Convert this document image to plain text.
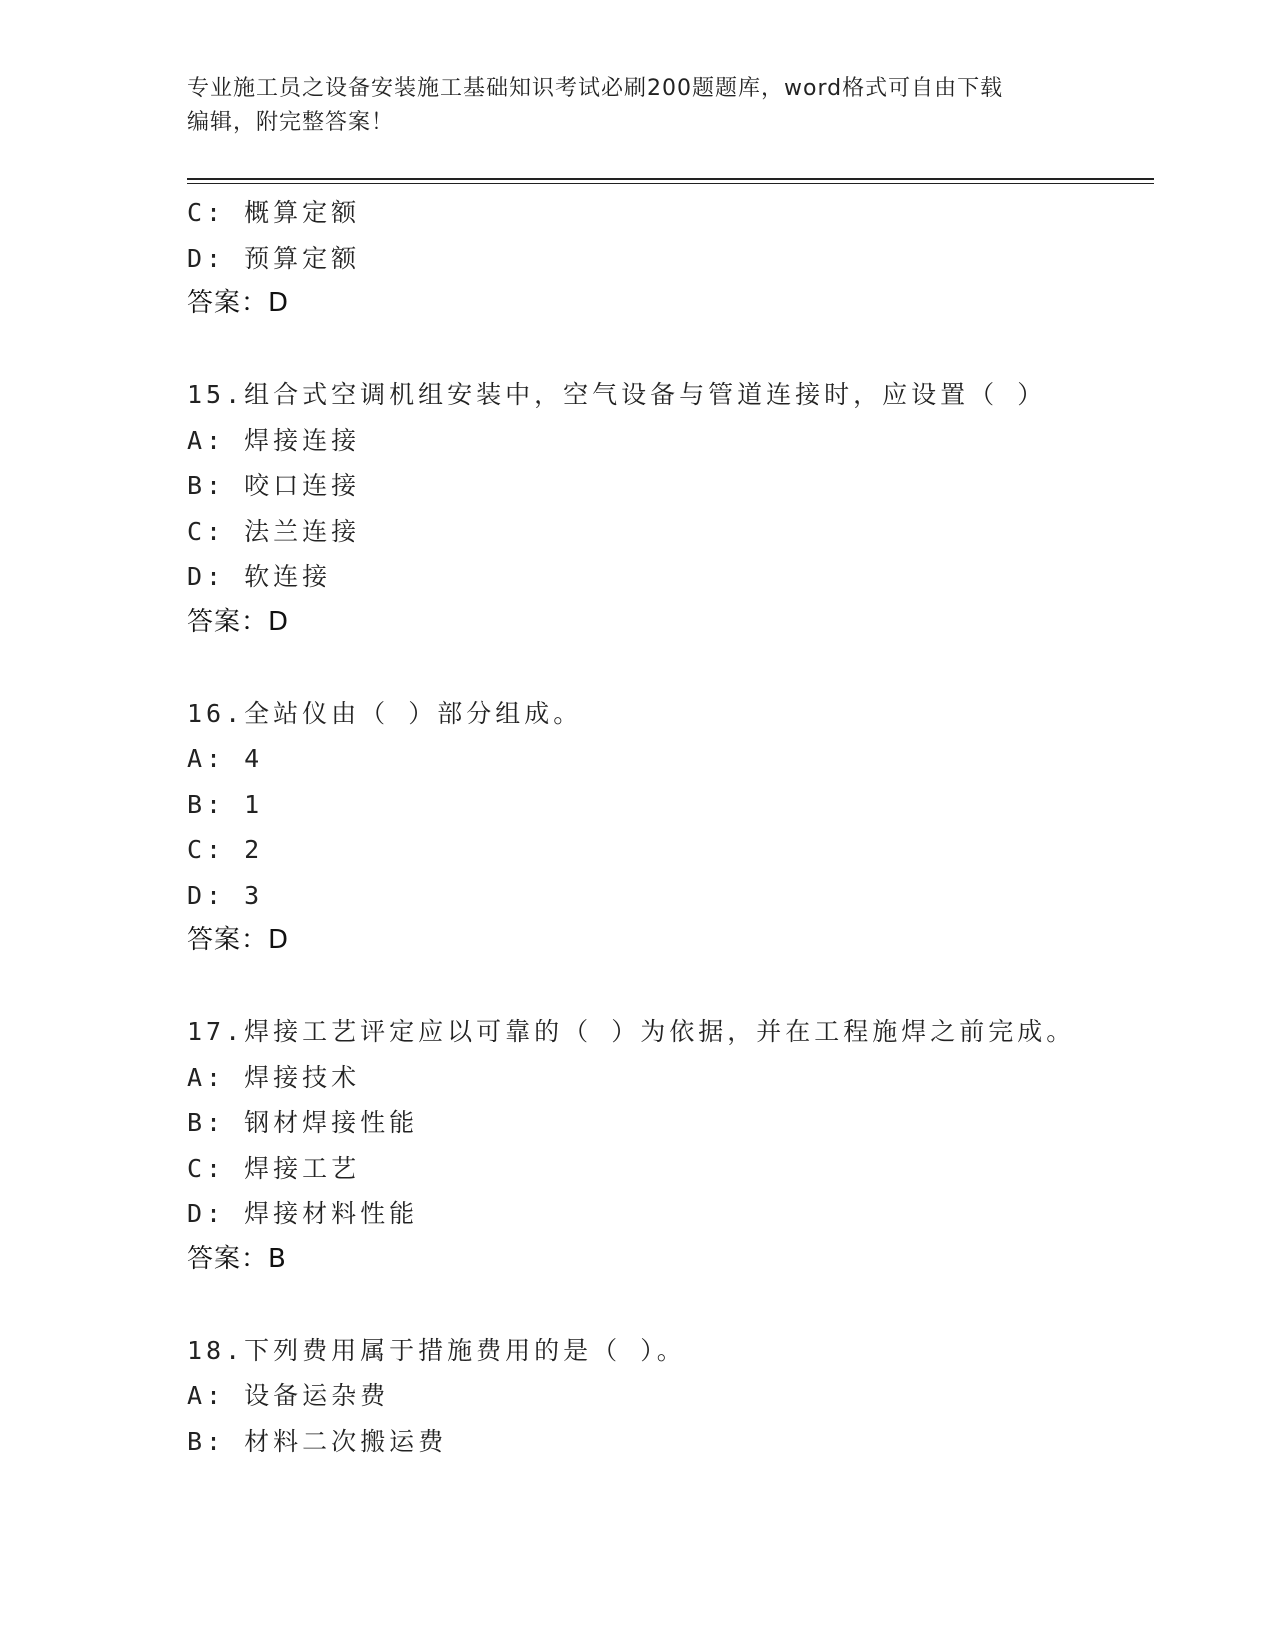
专业施工员之设备安装施工基础知识考试必刷200题题库，word格式可自由下载
编辑，附完整答案！
C: 概算定额
D: 预算定额
答案：D
15.组合式空调机组安装中，空气设备与管道连接时，应设置（ ）
A: 焊接连接
B: 咬口连接
C: 法兰连接
D: 软连接
答案：D
16.全站仪由（ ）部分组成。
A: 4
B: 1
C: 2
D: 3
答案：D
17.焊接工艺评定应以可靠的（ ）为依据，并在工程施焊之前完成。
A: 焊接技术
B: 钢材焊接性能
C: 焊接工艺
D: 焊接材料性能
答案：B
18.下列费用属于措施费用的是（ ）。
A: 设备运杂费
B: 材料二次搬运费
